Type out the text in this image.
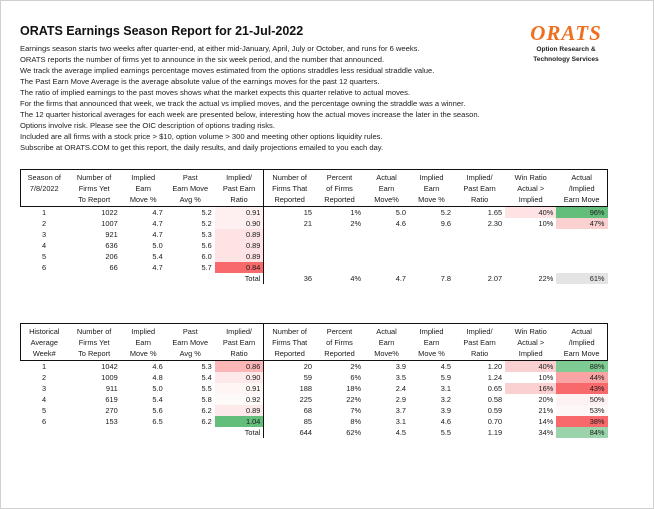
ORATS Earnings Season Report for 21-Jul-2022

Earnings season starts two weeks after quarter-end, at either mid-January, April, July or October, and runs for 6 weeks.

ORATS reports the number of firms yet to announce in the six week period, and the number that announced.

We track the average implied earnings percentage moves estimated from the options straddles less residual straddle value.

The Past Earn Move Average is the average absolute value of the earnings moves for the past 12 quarters.

The ratio of implied earnings to the past moves shows what the market expects this quarter relative to actual moves.

For the firms that announced that week, we track the actual vs implied moves, and the percentage owning the straddle was a winner.

The 12 quarter historical averages for each week are presented below, interesting how the actual moves increase the later in the season.

Options involve risk. Please see the OIC description of options trading risks.

Included are all firms with a stock price > $10, option volume > 300 and meeting other options liquidity rules.

Subscribe at ORATS.COM to get this report, the daily results, and daily projections emailed to you each day.

ORATS
Option Research &
Technology Services
Season of	Number of	Implied	Past	Implied/	Number of	Percent	Actual	Implied	Implied/	Win Ratio	Actual
7/8/2022	Firms Yet	Earn	Earn Move	Past Earn	Firms That	of Firms	Earn	Earn	Past Earn	Actual >	/Implied
	To Report	Move %	Avg %	Ratio	Reported	Reported	Move%	Move %	Ratio	Implied	Earn Move
1	1022	4.7	5.2	0.91	15	1%	5.0	5.2	1.65	40%	96%
2	1007	4.7	5.2	0.90	21	2%	4.6	9.6	2.30	10%	47%
3	921	4.7	5.3	0.89							
4	636	5.0	5.6	0.89							
5	206	5.4	6.0	0.89							
6	66	4.7	5.7	0.84							
				Total	36	4%	4.7	7.8	2.07	22%	61%
Historical	Number of	Implied	Past	Implied/	Number of	Percent	Actual	Implied	Implied/	Win Ratio	Actual
Average	Firms Yet	Earn	Earn Move	Past Earn	Firms That	of Firms	Earn	Earn	Past Earn	Actual >	/Implied
Week#	To Report	Move %	Avg %	Ratio	Reported	Reported	Move%	Move %	Ratio	Implied	Earn Move
1	1042	4.6	5.3	0.86	20	2%	3.9	4.5	1.20	40%	88%
2	1009	4.8	5.4	0.90	59	6%	3.5	5.9	1.24	10%	44%
3	911	5.0	5.5	0.91	188	18%	2.4	3.1	0.65	16%	43%
4	619	5.4	5.8	0.92	225	22%	2.9	3.2	0.58	20%	50%
5	270	5.6	6.2	0.89	68	7%	3.7	3.9	0.59	21%	53%
6	153	6.5	6.2	1.04	85	8%	3.1	4.6	0.70	14%	38%
				Total	644	62%	4.5	5.5	1.19	34%	84%
